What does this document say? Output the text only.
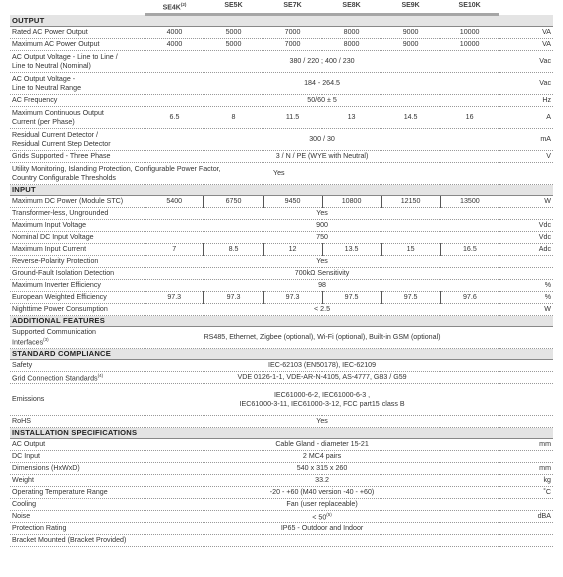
	$SE4K^{(2)}$	SE5K	SE7K	SE8K	SE9K	SE10K	
OUTPUT							
Rated AC Power Output	4000	5000	7000	8000	9000	10000	VA
Maximum AC Power Output	4000	5000	7000	8000	9000	10000	VA
AC Output Voltage - Line to Line /
Line to Neutral (Nominal)	380 / 220 ; 400 / 230						Vac
AC Output Voltage -
Line to Neutral Range	184 - 264.5						Vac
AC Frequency	50/60 ± 5						Hz
Maximum Continuous Output
Current (per Phase)	6.5	8	11.5	13	14.5	16	A
Residual Current Detector /
Residual Current Step Detector	300 / 30						mA
Grids Supported - Three Phase	3 / N / PE (WYE with Neutral)						V
Utility Monitoring, Islanding Protection, Configurable Power Factor,
Country Configurable Thresholds			Yes				
INPUT							
Maximum DC Power (Module STC)	5400	6750	9450	10800	12150	13500	W
Transformer-less, Ungrounded	Yes						
Maximum Input Voltage	900						Vdc
Nominal DC Input Voltage	750						Vdc
Maximum Input Current	7	8.5	12	13.5	15	16.5	Adc
Reverse-Polarity Protection	Yes						
Ground-Fault Isolation Detection	700kΩ Sensitivity						
Maximum Inverter Efficiency	98						%
European Weighted Efficiency	97.3	97.3	97.3	97.5	97.5	97.6	%
Nighttime Power Consumption	< 2.5						W
ADDITIONAL FEATURES							
Supported Communication
Interfaces$^{(3)}$	RS485, Ethernet, Zigbee (optional), Wi-Fi (optional), Built-in GSM (optional)						
STANDARD COMPLIANCE							
Safety	IEC-62103 (EN50178), IEC-62109						
Grid Connection Standards$^{(4)}$	VDE 0126-1-1, VDE-AR-N-4105, AS-4777, G83 / G59						
Emissions	IEC61000-6-2, IEC61000-6-3 ,
IEC61000-3-11, IEC61000-3-12, FCC part15 class B						
RoHS	Yes						
INSTALLATION SPECIFICATIONS							
AC Output	Cable Gland - diameter 15-21						mm
DC Input	2 MC4 pairs						
Dimensions (HxWxD)	540 x 315 x 260						mm
Weight	33.2						kg
Operating Temperature Range	-20 - +60 (M40 version -40 - +60)						˚C
Cooling	Fan (user replaceable)						
Noise	< $50^{(5)}$						dBA
Protection Rating	IP65 - Outdoor and Indoor						
Bracket Mounted (Bracket Provided)							
